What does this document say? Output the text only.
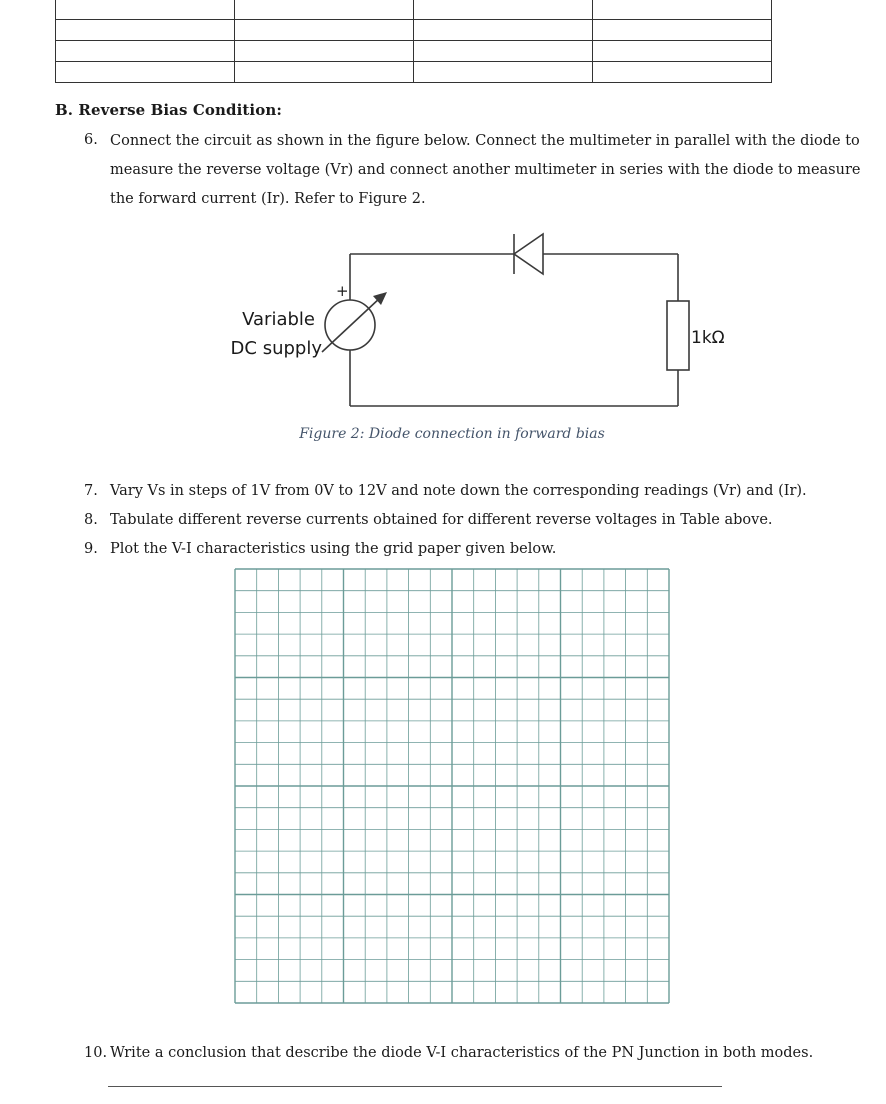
B. Reverse Bias Condition:
6. Connect the circuit as shown in the figure below. Connect the multimeter in parallel with the diode to
measure the reverse voltage (Vr) and connect another multimeter in series with the diode to measure
the forward current (Ir). Refer to Figure 2.
+
Variable
DC supply	1kΩ
Figure 2: Diode connection in forward bias
7. Vary Vs in steps of 1V from 0V to 12V and note down the corresponding readings (Vr) and (Ir).
8. Tabulate different reverse currents obtained for different reverse voltages in Table above.
9. Plot the V-I characteristics using the grid paper given below.
10. Write a conclusion that describe the diode V-I characteristics of the PN Junction in both modes.
